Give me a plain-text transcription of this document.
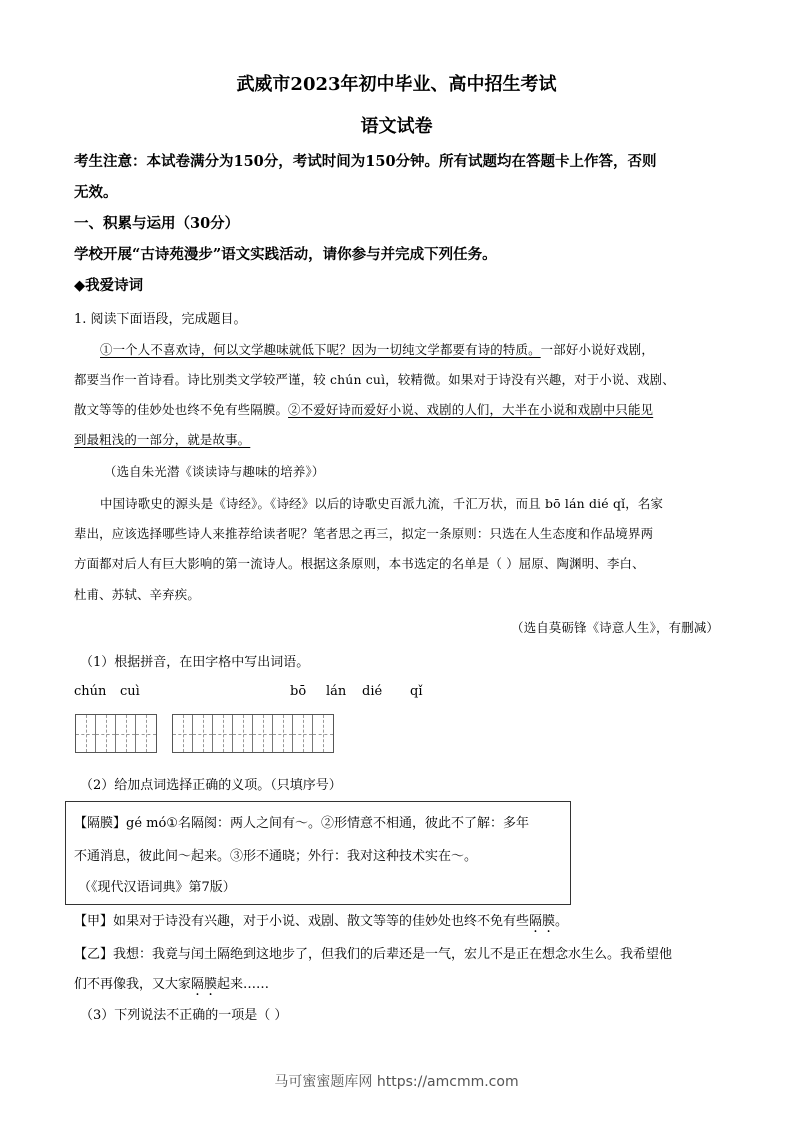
武威市2023年初中毕业、高中招生考试
语文试卷
考生注意：本试卷满分为150分，考试时间为150分钟。所有试题均在答题卡上作答，否则
无效。
一、积累与运用（30分）
学校开展“古诗苑漫步”语文实践活动，请你参与并完成下列任务。
◆我爱诗词
1. 阅读下面语段，完成题目。
①一个人不喜欢诗，何以文学趣味就低下呢？因为一切纯文学都要有诗的特质。一部好小说好戏剧，
都要当作一首诗看。诗比别类文学较严谨，较 chún cuì，较精微。如果对于诗没有兴趣，对于小说、戏剧、
散文等等的佳妙处也终不免有些隔膜。②不爱好诗而爱好小说、戏剧的人们，大半在小说和戏剧中只能见
到最粗浅的一部分，就是故事。
（选自朱光潜《谈读诗与趣味的培养》）
中国诗歌史的源头是《诗经》。《诗经》以后的诗歌史百派九流，千汇万状，而且 bō lán dié qǐ，名家
辈出，应该选择哪些诗人来推荐给读者呢？笔者思之再三，拟定一条原则：只选在人生态度和作品境界两
方面都对后人有巨大影响的第一流诗人。根据这条原则，本书选定的名单是（ ）屈原、陶渊明、李白、
杜甫、苏轼、辛弃疾。
（选自莫砺锋《诗意人生》，有删减）
（1）根据拼音，在田字格中写出词语。
chún cuì	bō lán dié qǐ
（2）给加点词选择正确的义项。（只填序号）
【隔膜】gé mó①名隔阂：两人之间有～。②形情意不相通，彼此不了解：多年
不通消息，彼此间～起来。③形不通晓；外行：我对这种技术实在～。
（《现代汉语词典》第7版）
【甲】如果对于诗没有兴趣，对于小说、戏剧、散文等等的佳妙处也终不免有些隔膜。
【乙】我想：我竟与闰土隔绝到这地步了，但我们的后辈还是一气，宏儿不是正在想念水生么。我希望他
们不再像我，又大家隔膜起来……
（3）下列说法不正确的一项是（ ）
马可蜜蜜题库网 https://amcmm.com
